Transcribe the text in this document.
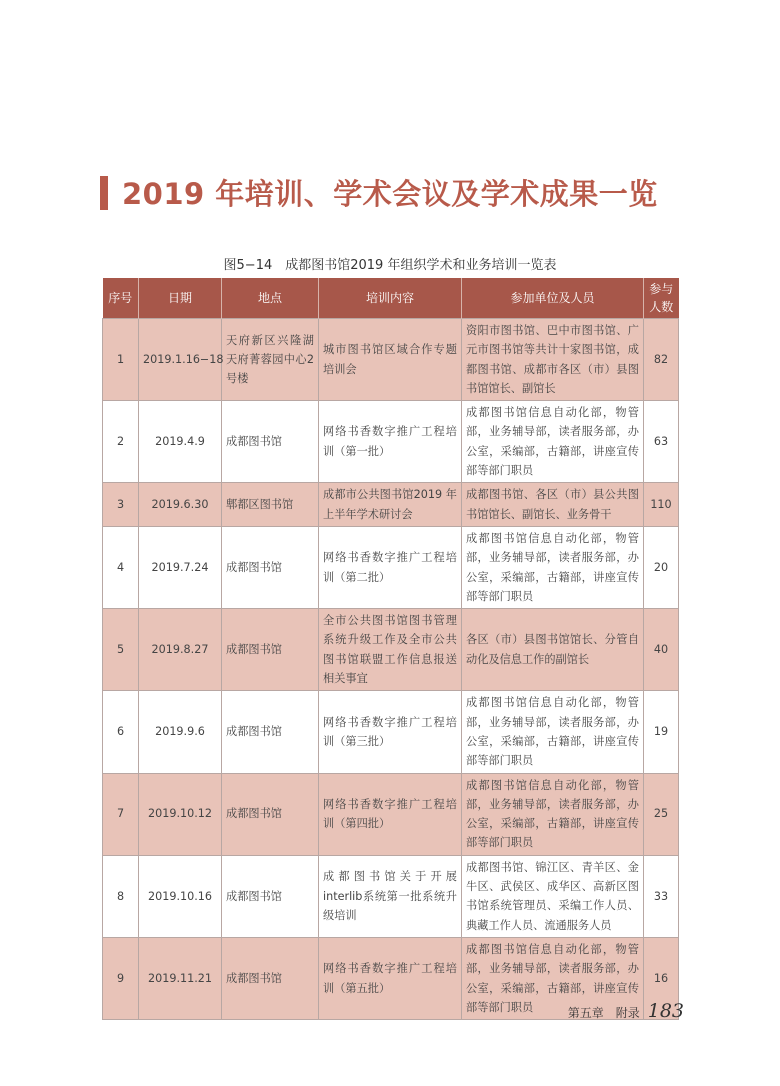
2019 年培训、学术会议及学术成果一览
图5−14　成都图书馆2019 年组织学术和业务培训一览表
序号	日期	地点	培训内容	参加单位及人员	参与人数
1	2019.1.16−18	天府新区兴隆湖天府菁蓉园中心2号楼	城市图书馆区域合作专题培训会	资阳市图书馆、巴中市图书馆、广元市图书馆等共计十家图书馆，成都图书馆、成都市各区（市）县图书馆馆长、副馆长	82
2	2019.4.9	成都图书馆	网络书香数字推广工程培训（第一批）	成都图书馆信息自动化部，物管部，业务辅导部，读者服务部，办公室，采编部，古籍部，讲座宣传部等部门职员	63
3	2019.6.30	郫都区图书馆	成都市公共图书馆2019 年上半年学术研讨会	成都图书馆、各区（市）县公共图书馆馆长、副馆长、业务骨干	110
4	2019.7.24	成都图书馆	网络书香数字推广工程培训（第二批）	成都图书馆信息自动化部，物管部，业务辅导部，读者服务部，办公室，采编部，古籍部，讲座宣传部等部门职员	20
5	2019.8.27	成都图书馆	全市公共图书馆图书管理系统升级工作及全市公共图书馆联盟工作信息报送相关事宜	各区（市）县图书馆馆长、分管自动化及信息工作的副馆长	40
6	2019.9.6	成都图书馆	网络书香数字推广工程培训（第三批）	成都图书馆信息自动化部，物管部，业务辅导部，读者服务部，办公室，采编部，古籍部，讲座宣传部等部门职员	19
7	2019.10.12	成都图书馆	网络书香数字推广工程培训（第四批）	成都图书馆信息自动化部，物管部，业务辅导部，读者服务部，办公室，采编部，古籍部，讲座宣传部等部门职员	25
8	2019.10.16	成都图书馆	成都图书馆关于开展interlib系统第一批系统升级培训	成都图书馆、锦江区、青羊区、金牛区、武侯区、成华区、高新区图书馆系统管理员、采编工作人员、典藏工作人员、流通服务人员	33
9	2019.11.21	成都图书馆	网络书香数字推广工程培训（第五批）	成都图书馆信息自动化部，物管部，业务辅导部，读者服务部，办公室，采编部，古籍部，讲座宣传部等部门职员	16
第五章　附录 183
